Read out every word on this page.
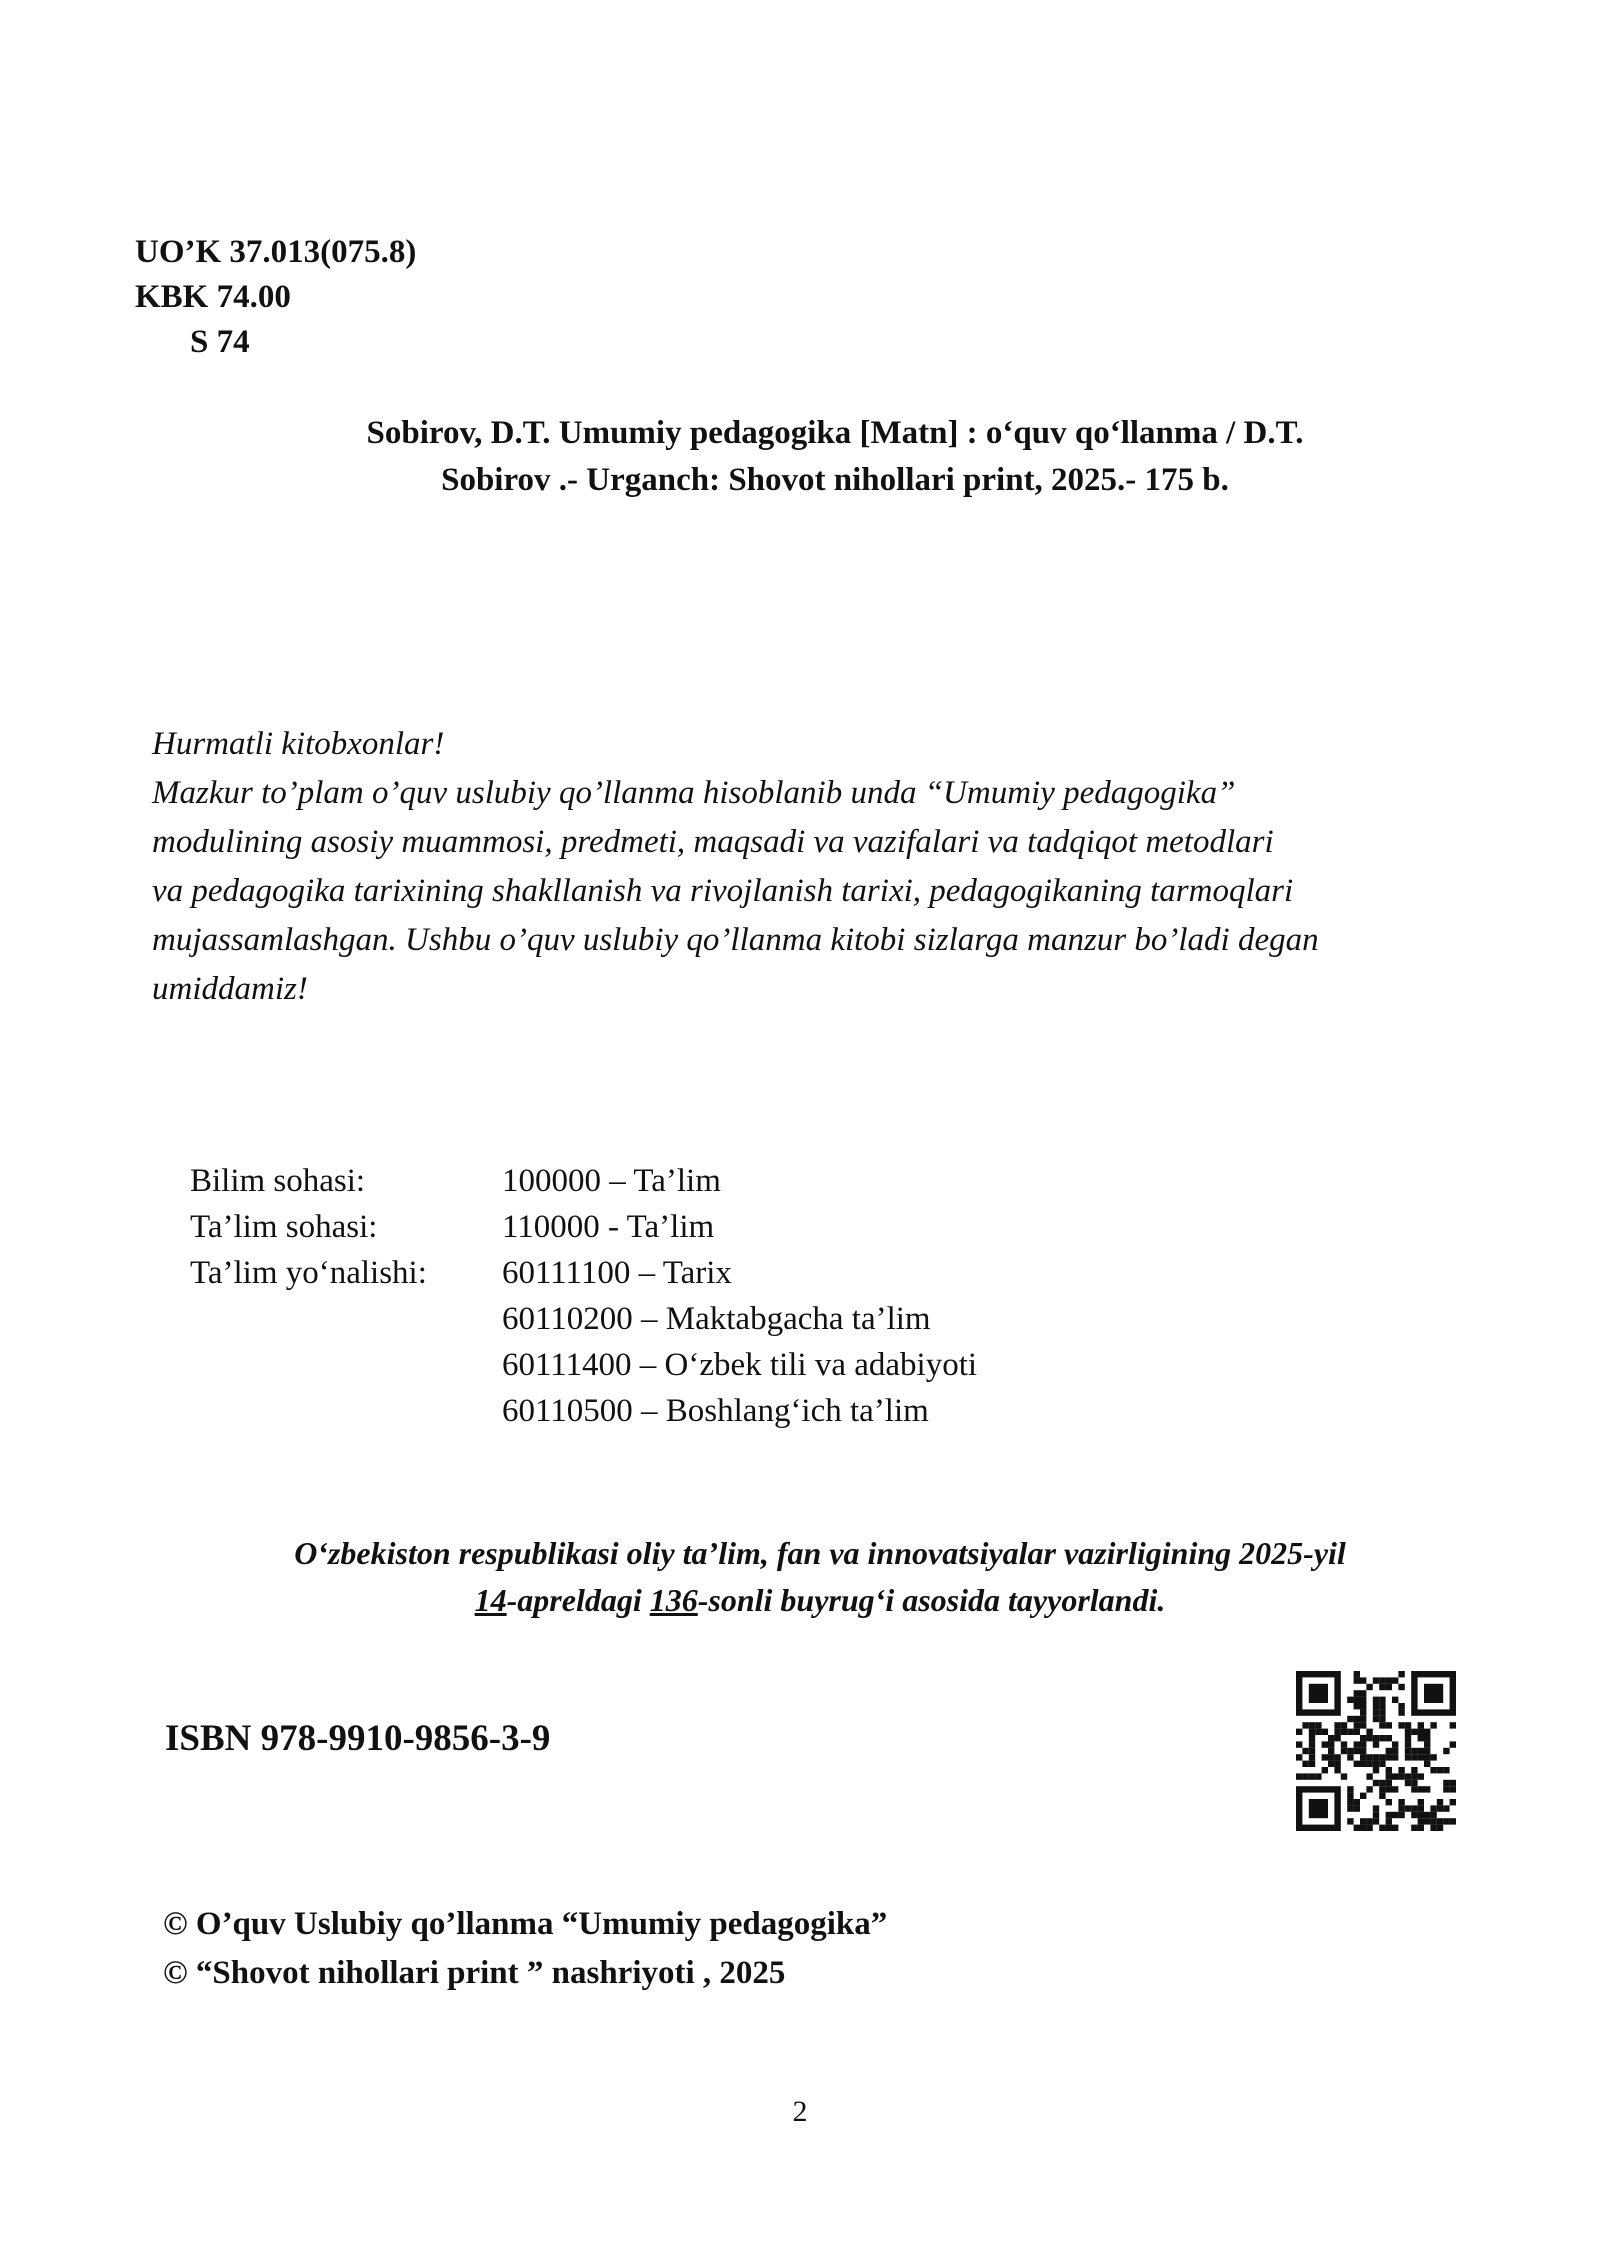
UO’K 37.013(075.8)
KBK 74.00
S 74
Sobirov, D.T. Umumiy pedagogika [Matn] : o‘quv qo‘llanma / D.T.
Sobirov .- Urganch: Shovot nihollari print, 2025.- 175 b.
Hurmatli kitobxonlar!
Mazkur to’plam o’quv uslubiy qo’llanma hisoblanib unda “Umumiy pedagogika”
modulining asosiy muammosi, predmeti, maqsadi va vazifalari va tadqiqot metodlari
va pedagogika tarixining shakllanish va rivojlanish tarixi, pedagogikaning tarmoqlari
mujassamlashgan. Ushbu o’quv uslubiy qo’llanma kitobi sizlarga manzur bo’ladi degan
umiddamiz!
Bilim sohasi:	100000 – Ta’lim
Ta’lim sohasi:	110000 - Ta’lim
Ta’lim yo‘nalishi:	60111100 – Tarix
	60110200 – Maktabgacha ta’lim
	60111400 – O‘zbek tili va adabiyoti
	60110500 – Boshlang‘ich ta’lim
O‘zbekiston respublikasi oliy ta’lim, fan va innovatsiyalar vazirligining 2025-yil
14-apreldagi 136-sonli buyrug‘i asosida tayyorlandi.
ISBN 978-9910-9856-3-9
© O’quv Uslubiy qo’llanma “Umumiy pedagogika”
© “Shovot nihollari print ” nashriyoti , 2025
2
